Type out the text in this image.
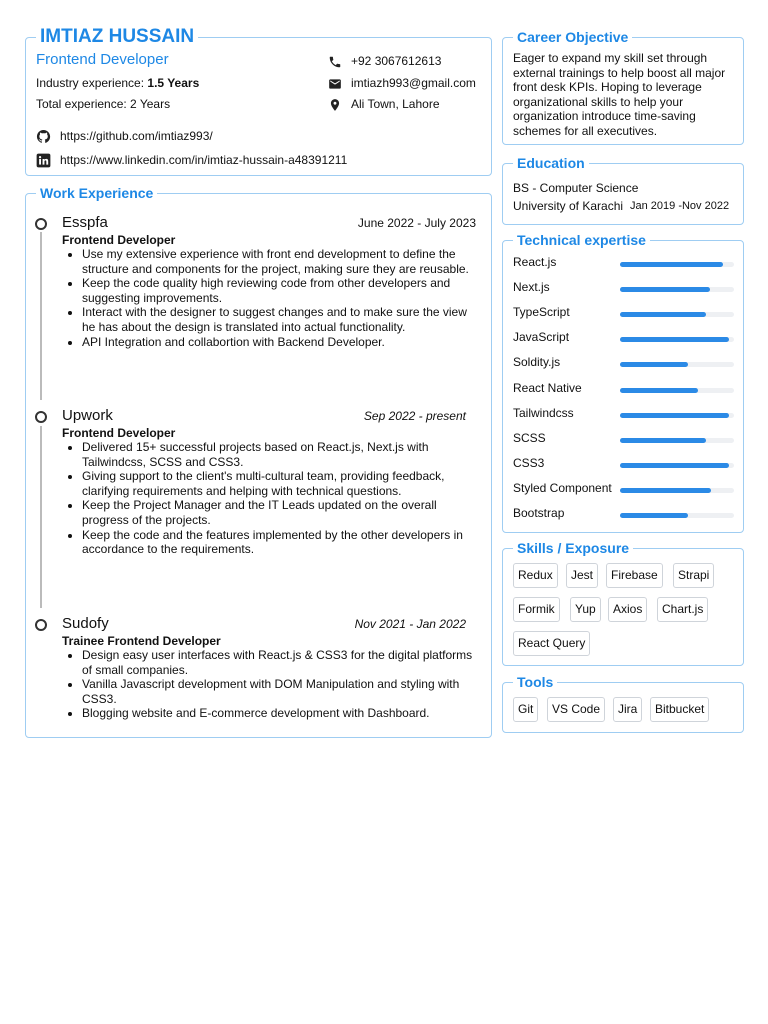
IMTIAZ HUSSAIN
Frontend Developer
Industry experience: 1.5 Years
Total experience: 2 Years
+92 3067612613
imtiazh993@gmail.com
Ali Town, Lahore
https://github.com/imtiaz993/
https://www.linkedin.com/in/imtiaz-hussain-a48391211
Work Experience
Esspfa	June 2022 - July 2023
Frontend Developer
• Use my extensive experience with front end development to define the structure and components for the project, making sure they are reusable.
• Keep the code quality high reviewing code from other developers and suggesting improvements.
• Interact with the designer to suggest changes and to make sure the view he has about the design is translated into actual functionality.
• API Integration and collabortion with Backend Developer.
Upwork	Sep 2022 - present
Frontend Developer
• Delivered 15+ successful projects based on React.js, Next.js with Tailwindcss, SCSS and CSS3.
• Giving support to the client's multi-cultural team, providing feedback, clarifying requirements and helping with technical questions.
• Keep the Project Manager and the IT Leads updated on the overall progress of the projects.
• Keep the code and the features implemented by the other developers in accordance to the requirements.
Sudofy	Nov 2021 - Jan 2022
Trainee Frontend Developer
• Design easy user interfaces with React.js & CSS3 for the digital platforms of small companies.
• Vanilla Javascript development with DOM Manipulation and styling with CSS3.
• Blogging website and E-commerce development with Dashboard.
Career Objective
Eager to expand my skill set through external trainings to help boost all major front desk KPIs. Hoping to leverage organizational skills to help your organization introduce time-saving schemes for all executives.
Education
BS - Computer Science
University of Karachi Jan 2019 -Nov 2022
Technical expertise
React.js
Next.js
TypeScript
JavaScript
Soldity.js
React Native
Tailwindcss
SCSS
CSS3
Styled Component
Bootstrap
Skills / Exposure
Redux	Jest	Firebase	Strapi
Formik	Yup	Axios	Chart.js
React Query
Tools
Git	VS Code	Jira	Bitbucket
